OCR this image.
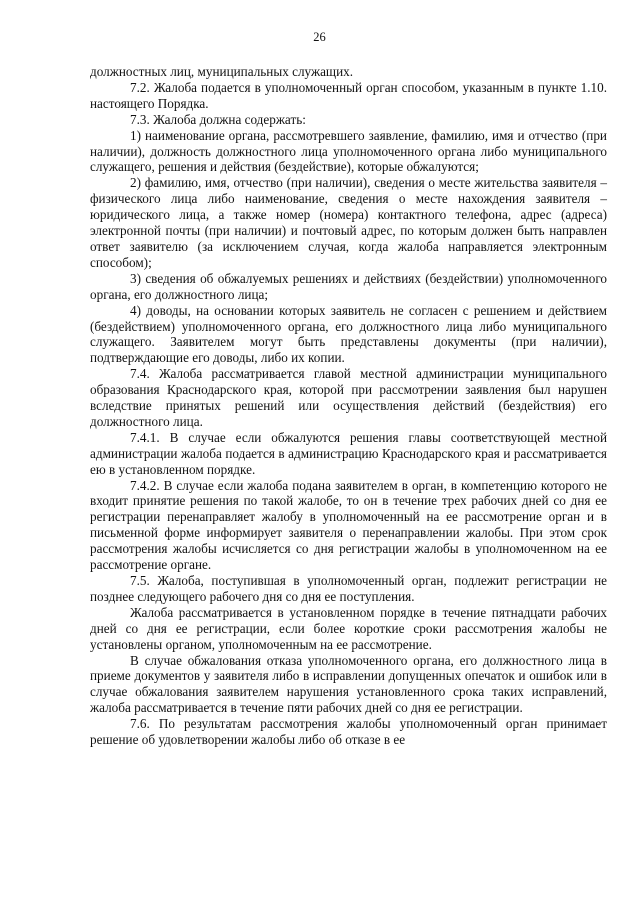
26

должностных лиц, муниципальных служащих.

7.2. Жалоба подается в уполномоченный орган способом, указанным в пункте 1.10. настоящего Порядка.

7.3. Жалоба должна содержать:

1) наименование органа, рассмотревшего заявление, фамилию, имя и отчество (при наличии), должность должностного лица уполномоченного органа либо муниципального служащего, решения и действия (бездействие), которые обжалуются;

2) фамилию, имя, отчество (при наличии), сведения о месте жительства заявителя – физического лица либо наименование, сведения о месте нахождения заявителя – юридического лица, а также номер (номера) контактного телефона, адрес (адреса) электронной почты (при наличии) и почтовый адрес, по которым должен быть направлен ответ заявителю (за исключением случая, когда жалоба направляется электронным способом);

3) сведения об обжалуемых решениях и действиях (бездействии) уполномоченного органа, его должностного лица;

4) доводы, на основании которых заявитель не согласен с решением и действием (бездействием) уполномоченного органа, его должностного лица либо муниципального служащего. Заявителем могут быть представлены документы (при наличии), подтверждающие его доводы, либо их копии.

7.4. Жалоба рассматривается главой местной администрации муниципального образования Краснодарского края, которой при рассмотрении заявления был нарушен вследствие принятых решений или осуществления действий (бездействия) его должностного лица.

7.4.1. В случае если обжалуются решения главы соответствующей местной администрации жалоба подается в администрацию Краснодарского края и рассматривается ею в установленном порядке.

7.4.2. В случае если жалоба подана заявителем в орган, в компетенцию которого не входит принятие решения по такой жалобе, то он в течение трех рабочих дней со дня ее регистрации перенаправляет жалобу в уполномоченный на ее рассмотрение орган и в письменной форме информирует заявителя о перенаправлении жалобы. При этом срок рассмотрения жалобы исчисляется со дня регистрации жалобы в уполномоченном на ее рассмотрение органе.

7.5. Жалоба, поступившая в уполномоченный орган, подлежит регистрации не позднее следующего рабочего дня со дня ее поступления.

Жалоба рассматривается в установленном порядке в течение пятнадцати рабочих дней со дня ее регистрации, если более короткие сроки рассмотрения жалобы не установлены органом, уполномоченным на ее рассмотрение.

В случае обжалования отказа уполномоченного органа, его должностного лица в приеме документов у заявителя либо в исправлении допущенных опечаток и ошибок или в случае обжалования заявителем нарушения установленного срока таких исправлений, жалоба рассматривается в течение пяти рабочих дней со дня ее регистрации.

7.6. По результатам рассмотрения жалобы уполномоченный орган принимает решение об удовлетворении жалобы либо об отказе в ее
